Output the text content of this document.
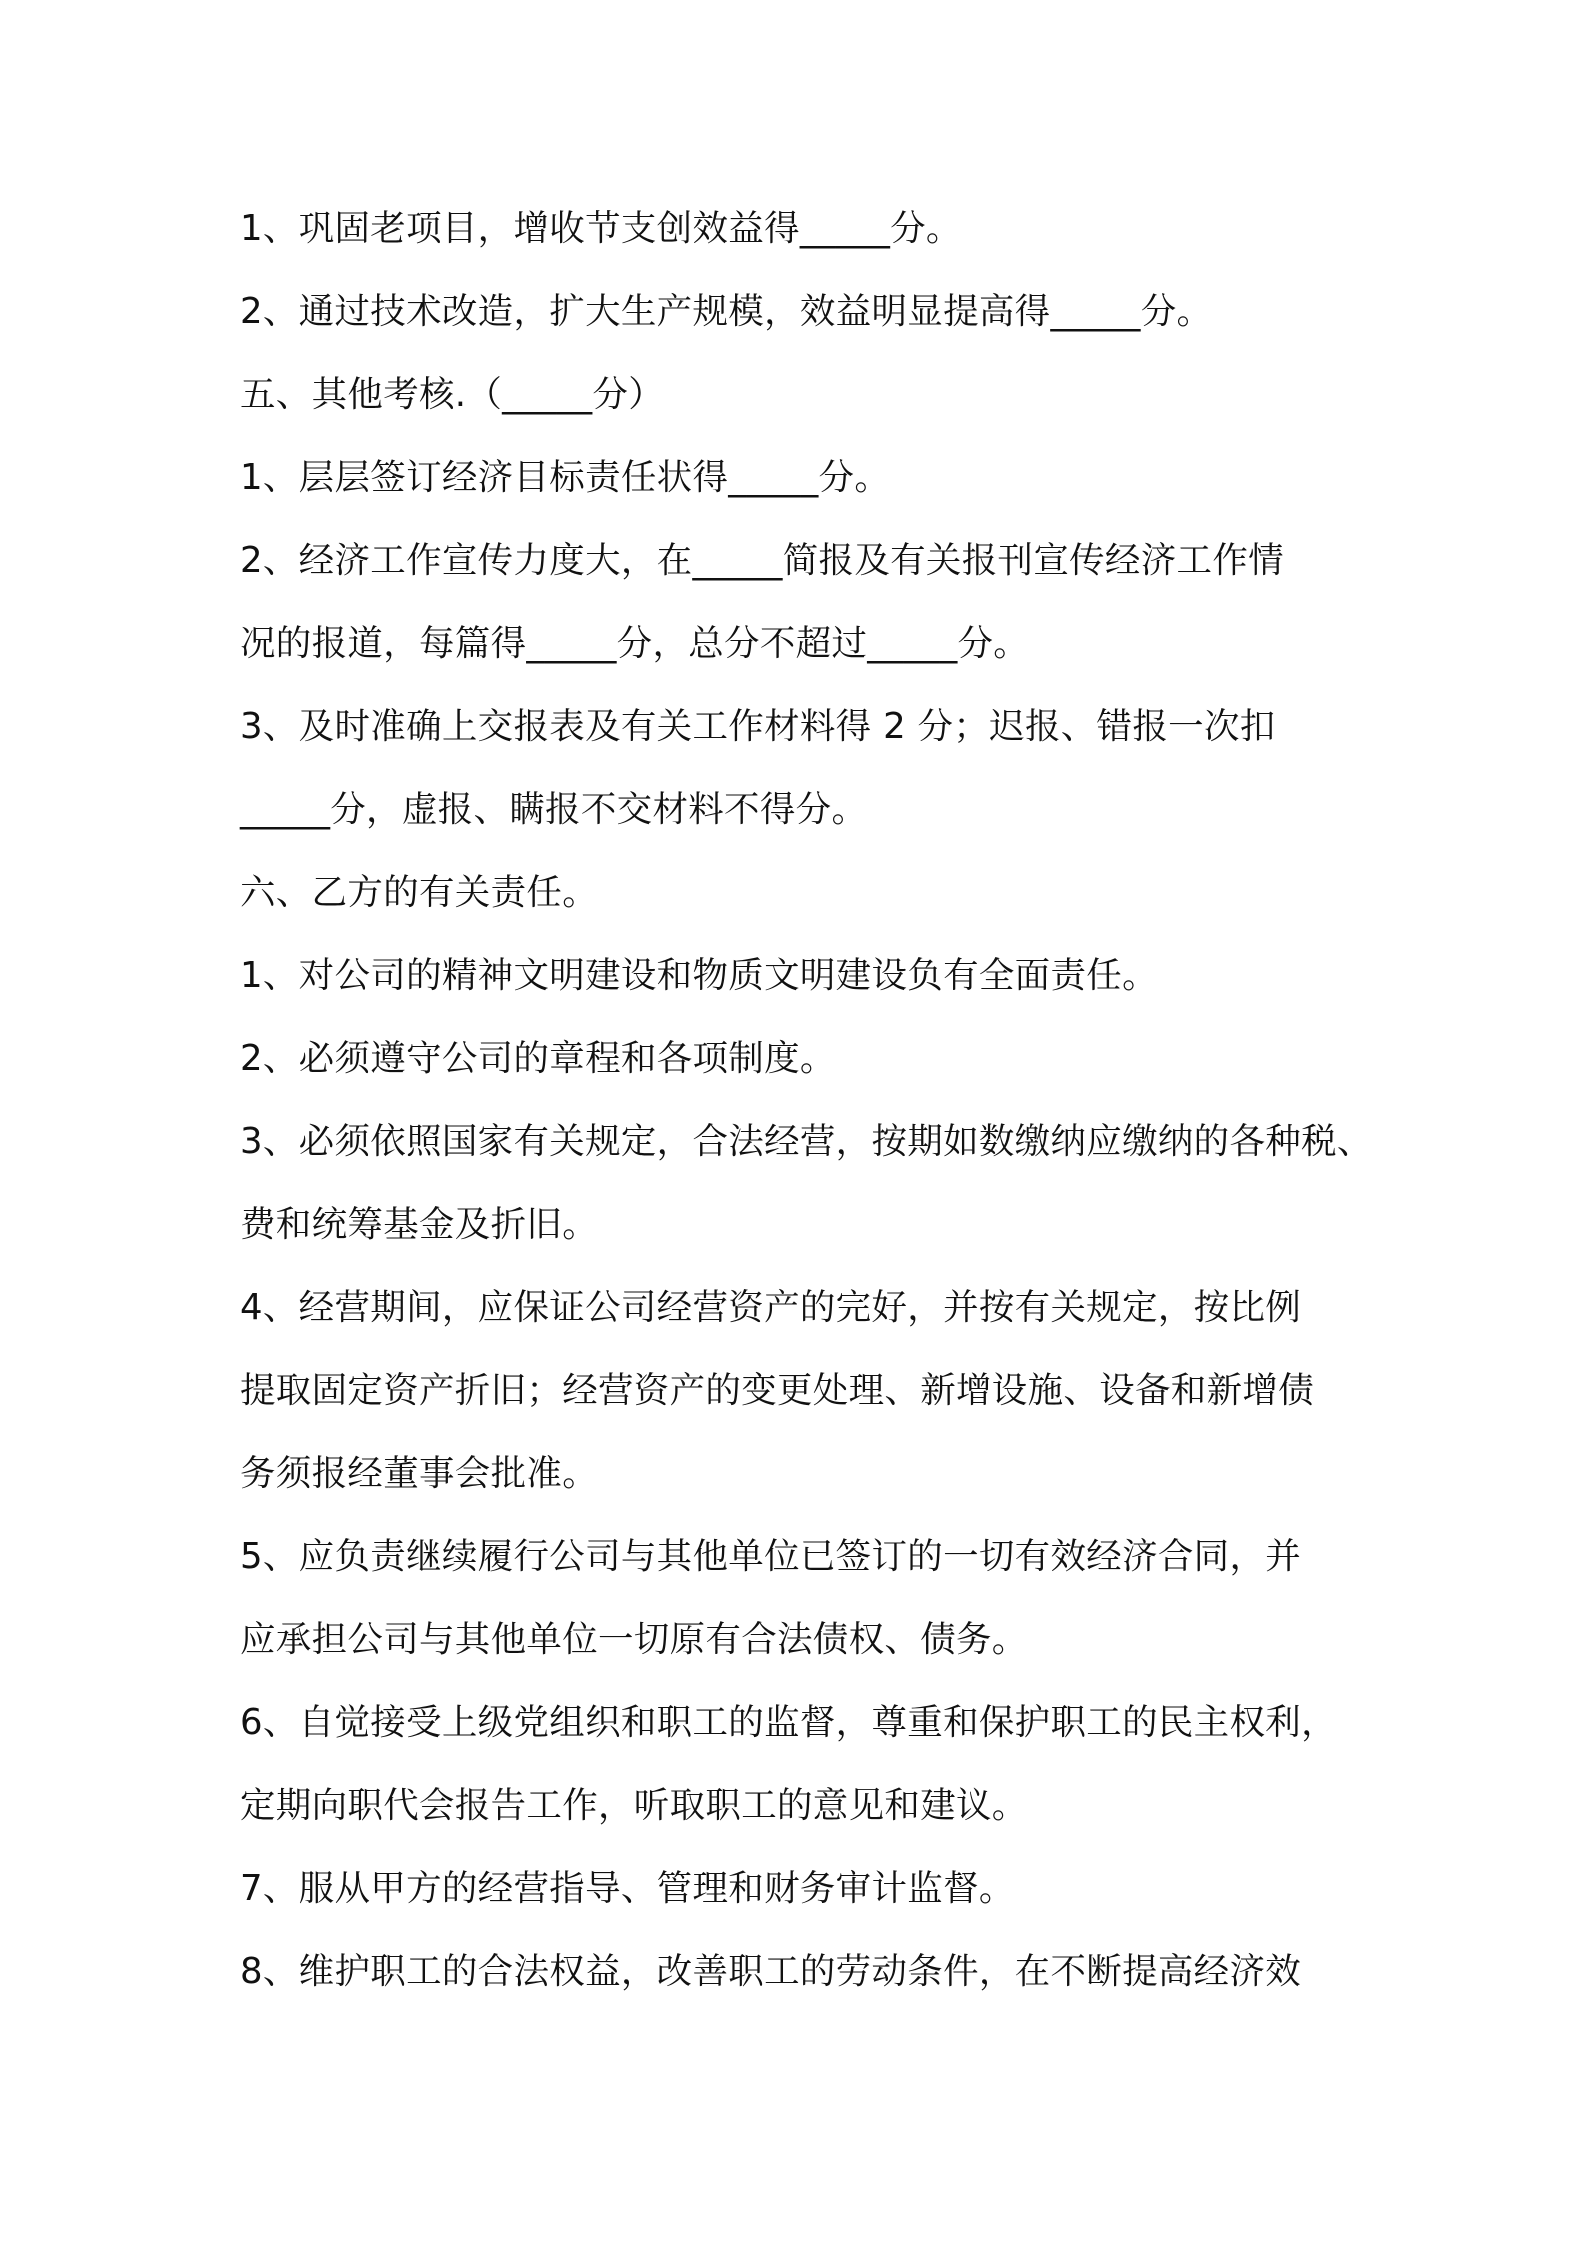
1、巩固老项目，增收节支创效益得_____分。

2、通过技术改造，扩大生产规模，效益明显提高得_____分。

五、其他考核.（_____分）

1、层层签订经济目标责任状得_____分。

2、经济工作宣传力度大，在_____简报及有关报刊宣传经济工作情

况的报道，每篇得_____分，总分不超过_____分。

3、及时准确上交报表及有关工作材料得 2 分；迟报、错报一次扣

_____分，虚报、瞒报不交材料不得分。

六、乙方的有关责任。

1、对公司的精神文明建设和物质文明建设负有全面责任。

2、必须遵守公司的章程和各项制度。

3、必须依照国家有关规定，合法经营，按期如数缴纳应缴纳的各种税、

费和统筹基金及折旧。

4、经营期间，应保证公司经营资产的完好，并按有关规定，按比例

提取固定资产折旧；经营资产的变更处理、新增设施、设备和新增债

务须报经董事会批准。

5、应负责继续履行公司与其他单位已签订的一切有效经济合同，并

应承担公司与其他单位一切原有合法债权、债务。

6、自觉接受上级党组织和职工的监督，尊重和保护职工的民主权利，

定期向职代会报告工作，听取职工的意见和建议。

7、服从甲方的经营指导、管理和财务审计监督。

8、维护职工的合法权益，改善职工的劳动条件，在不断提高经济效
